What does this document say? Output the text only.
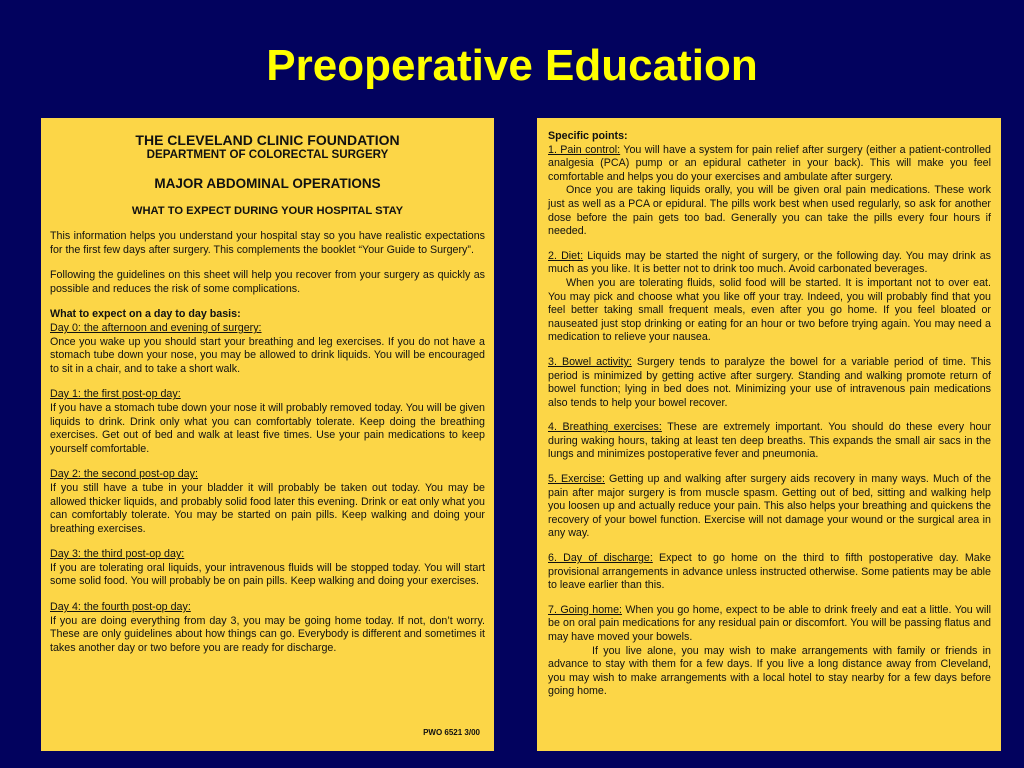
Preoperative Education

THE CLEVELAND CLINIC FOUNDATION

DEPARTMENT OF COLORECTAL SURGERY

MAJOR ABDOMINAL OPERATIONS

WHAT TO EXPECT DURING YOUR HOSPITAL STAY

This information helps you understand your hospital stay so you have realistic expectations for the first few days after surgery. This complements the booklet “Your Guide to Surgery”.

Following the guidelines on this sheet will help you recover from your surgery as quickly as possible and reduces the risk of some complications.

What to expect on a day to day basis:

Day 0: the afternoon and evening of surgery:

Once you wake up you should start your breathing and leg exercises. If you do not have a stomach tube down your nose, you may be allowed to drink liquids. You will be encouraged to sit in a chair, and to take a short walk.

Day 1: the first post-op day:

If you have a stomach tube down your nose it will probably removed today. You will be given liquids to drink. Drink only what you can comfortably tolerate. Keep doing the breathing exercises. Get out of bed and walk at least five times. Use your pain medications to keep yourself comfortable.

Day 2: the second post-op day:

If you still have a tube in your bladder it will probably be taken out today. You may be allowed thicker liquids, and probably solid food later this evening. Drink or eat only what you can comfortably tolerate. You may be started on pain pills. Keep walking and doing your breathing exercises.

Day 3: the third post-op day:

If you are tolerating oral liquids, your intravenous fluids will be stopped today. You will start some solid food. You will probably be on pain pills. Keep walking and doing your exercises.

Day 4: the fourth post-op day:

If you are doing everything from day 3, you may be going home today. If not, don’t worry. These are only guidelines about how things can go. Everybody is different and sometimes it takes another day or two before you are ready for discharge.

PWO 6521 3/00

Specific points:

1. Pain control: You will have a system for pain relief after surgery (either a patient-controlled analgesia (PCA) pump or an epidural catheter in your back). This will make you feel comfortable and helps you do your exercises and ambulate after surgery.

Once you are taking liquids orally, you will be given oral pain medications. These work just as well as a PCA or epidural. The pills work best when used regularly, so ask for another dose before the pain gets too bad. Generally you can take the pills every four hours if needed.

2. Diet: Liquids may be started the night of surgery, or the following day. You may drink as much as you like. It is better not to drink too much. Avoid carbonated beverages.

When you are tolerating fluids, solid food will be started. It is important not to over eat. You may pick and choose what you like off your tray. Indeed, you will probably find that you feel better taking small frequent meals, even after you go home. If you feel bloated or nauseated just stop drinking or eating for an hour or two before trying again. You may need a medication to relieve your nausea.

3. Bowel activity: Surgery tends to paralyze the bowel for a variable period of time. This period is minimized by getting active after surgery. Standing and walking promote return of bowel function; lying in bed does not. Minimizing your use of intravenous pain medications also tends to help your bowel recover.

4. Breathing exercises: These are extremely important. You should do these every hour during waking hours, taking at least ten deep breaths. This expands the small air sacs in the lungs and minimizes postoperative fever and pneumonia.

5. Exercise: Getting up and walking after surgery aids recovery in many ways. Much of the pain after major surgery is from muscle spasm. Getting out of bed, sitting and walking help you loosen up and actually reduce your pain. This also helps your breathing and quickens the recovery of your bowel function. Exercise will not damage your wound or the surgical area in any way.

6. Day of discharge: Expect to go home on the third to fifth postoperative day. Make provisional arrangements in advance unless instructed otherwise. Some patients may be able to leave earlier than this.

7. Going home: When you go home, expect to be able to drink freely and eat a little. You will be on oral pain medications for any residual pain or discomfort. You will be passing flatus and may have moved your bowels.

If you live alone, you may wish to make arrangements with family or friends in advance to stay with them for a few days. If you live a long distance away from Cleveland, you may wish to make arrangements with a local hotel to stay nearby for a few days before going home.
